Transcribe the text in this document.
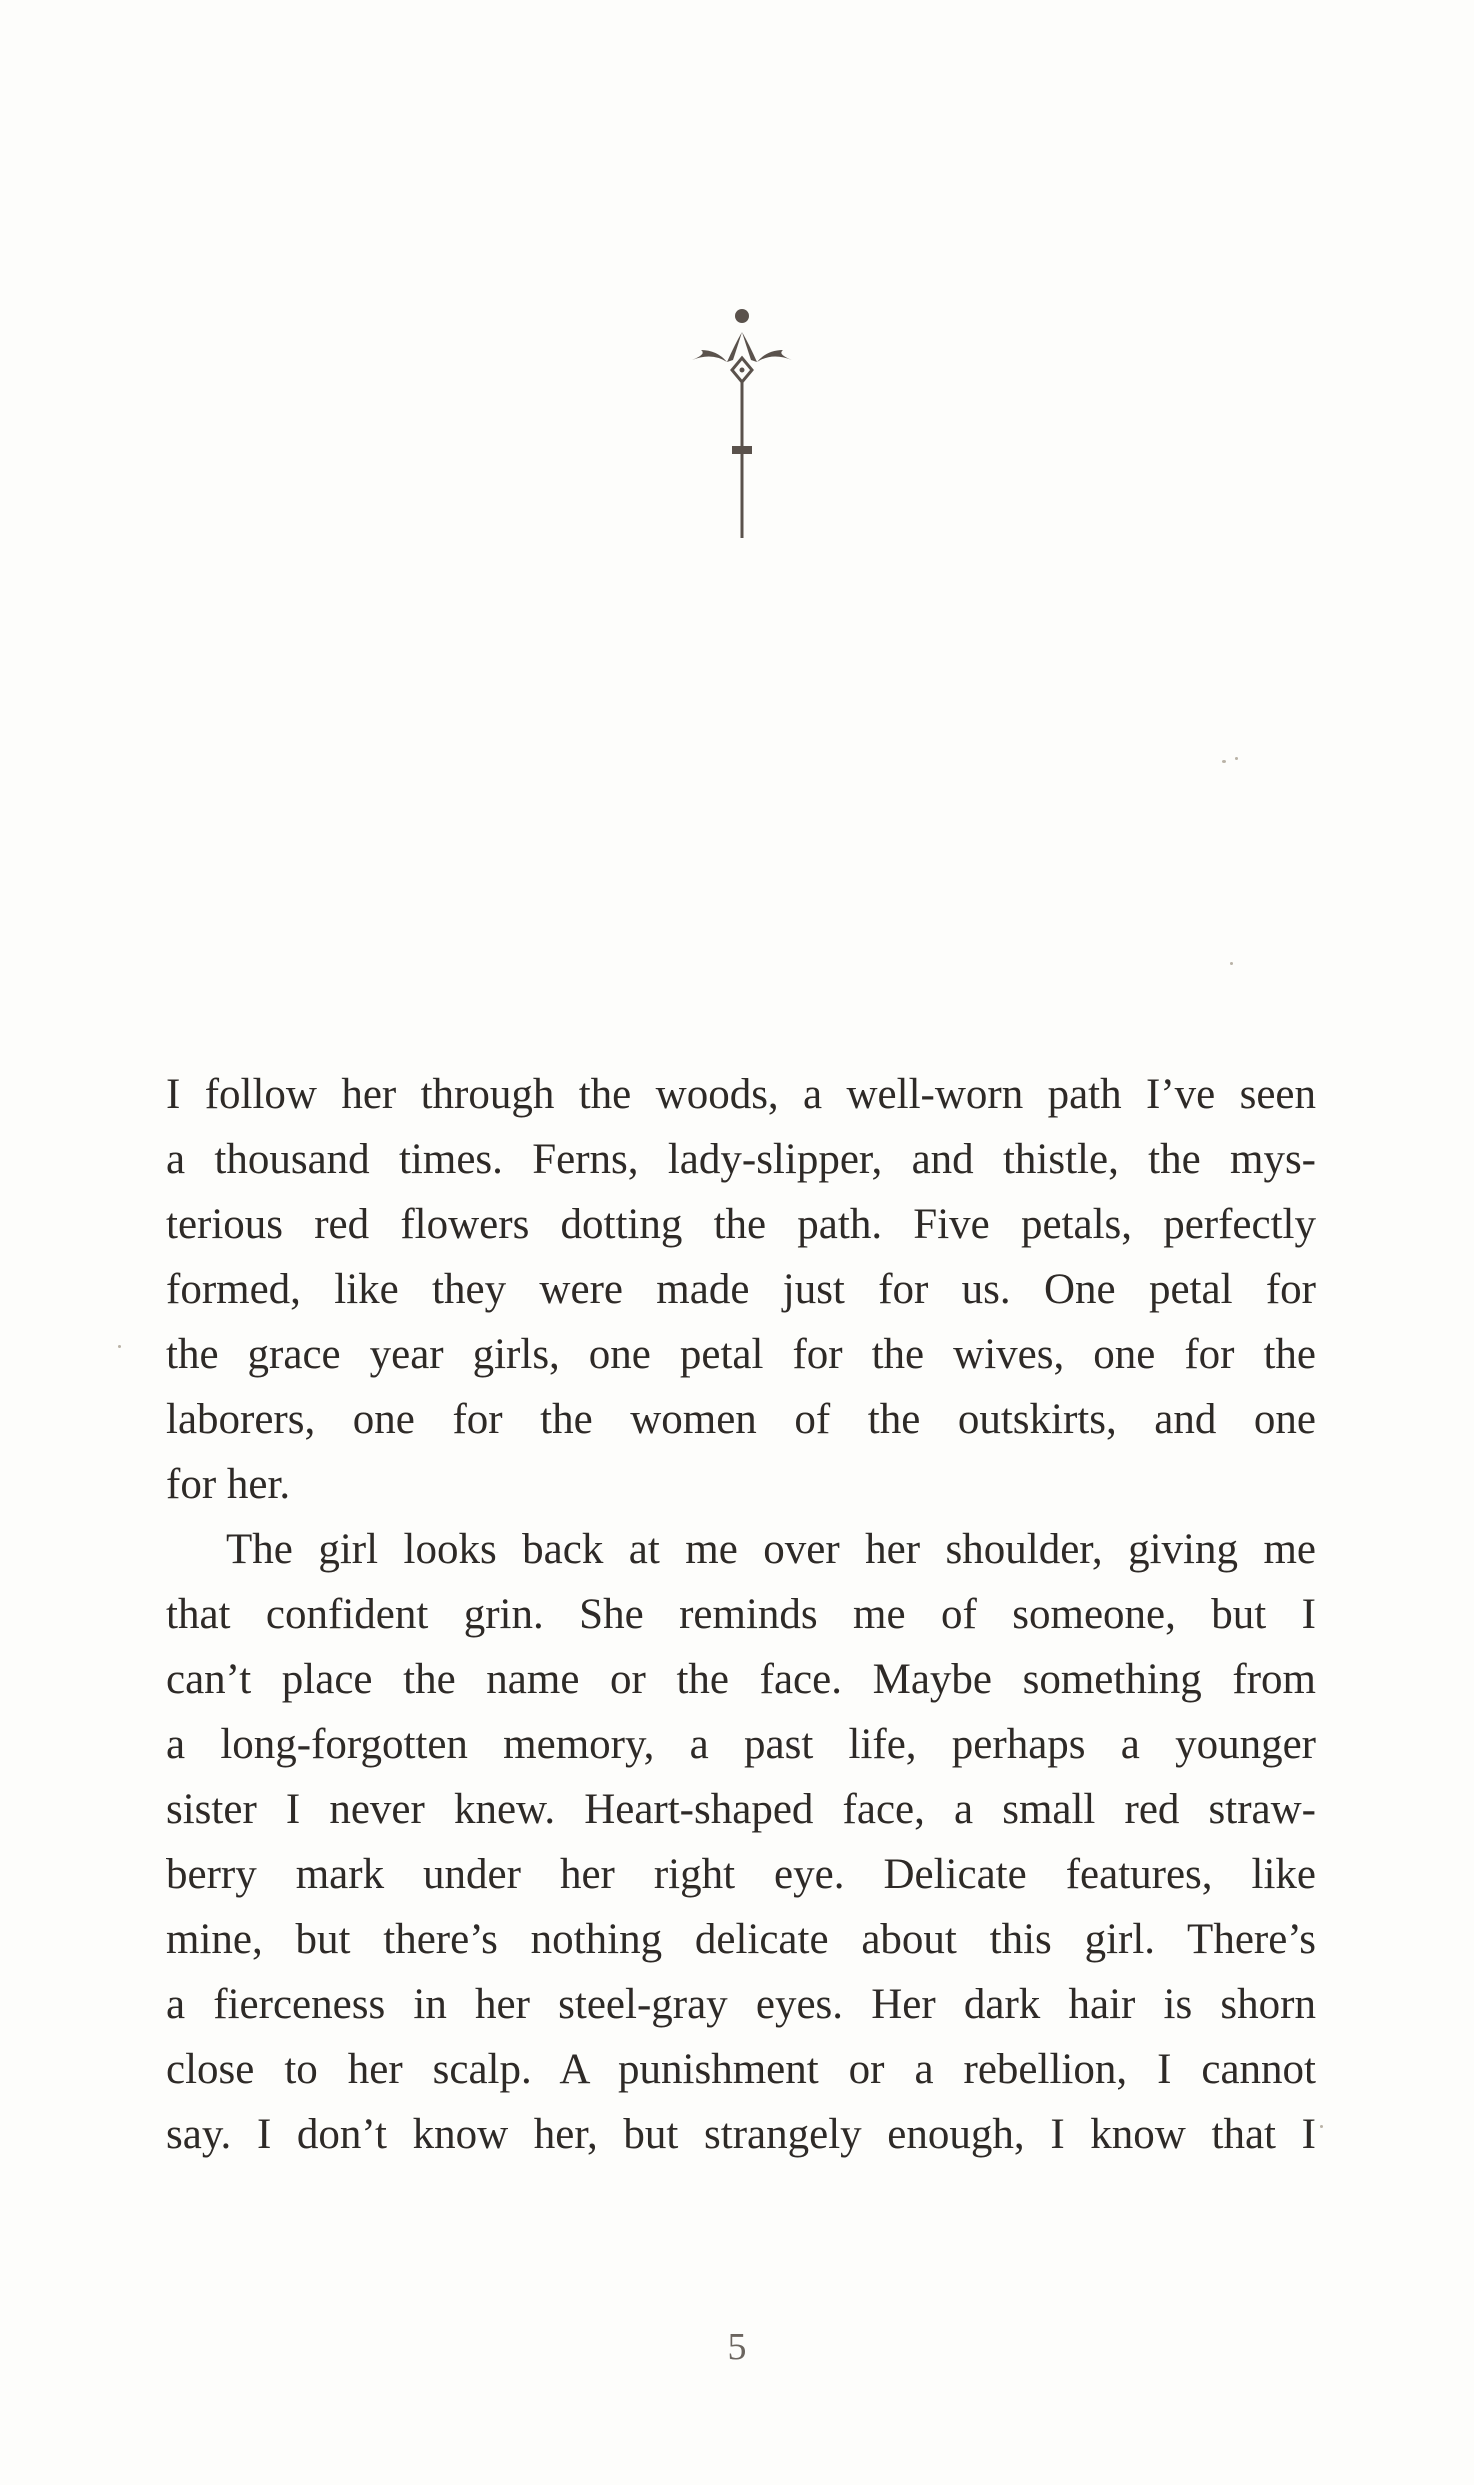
I follow her through the woods, a well-worn path I’ve seen
a thousand times. Ferns, lady-slipper, and thistle, the mys-
terious red flowers dotting the path. Five petals, perfectly
formed, like they were made just for us. One petal for
the grace year girls, one petal for the wives, one for the
laborers, one for the women of the outskirts, and one
for her.

The girl looks back at me over her shoulder, giving me
that confident grin. She reminds me of someone, but I
can’t place the name or the face. Maybe something from
a long-forgotten memory, a past life, perhaps a younger
sister I never knew. Heart-shaped face, a small red straw-
berry mark under her right eye. Delicate features, like
mine, but there’s nothing delicate about this girl. There’s
a fierceness in her steel-gray eyes. Her dark hair is shorn
close to her scalp. A punishment or a rebellion, I cannot
say. I don’t know her, but strangely enough, I know that I

5
